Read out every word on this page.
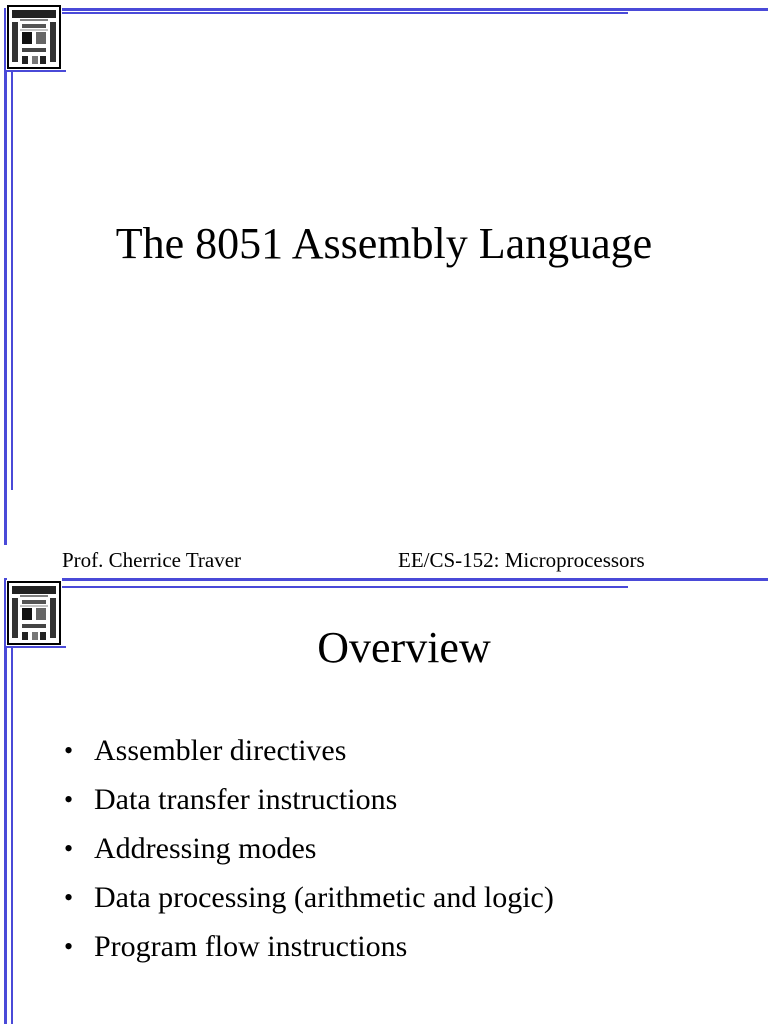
The 8051 Assembly Language
Prof. Cherrice Traver	EE/CS-152: Microprocessors
Overview
• Assembler directives
• Data transfer instructions
• Addressing modes
• Data processing (arithmetic and logic)
• Program flow instructions
